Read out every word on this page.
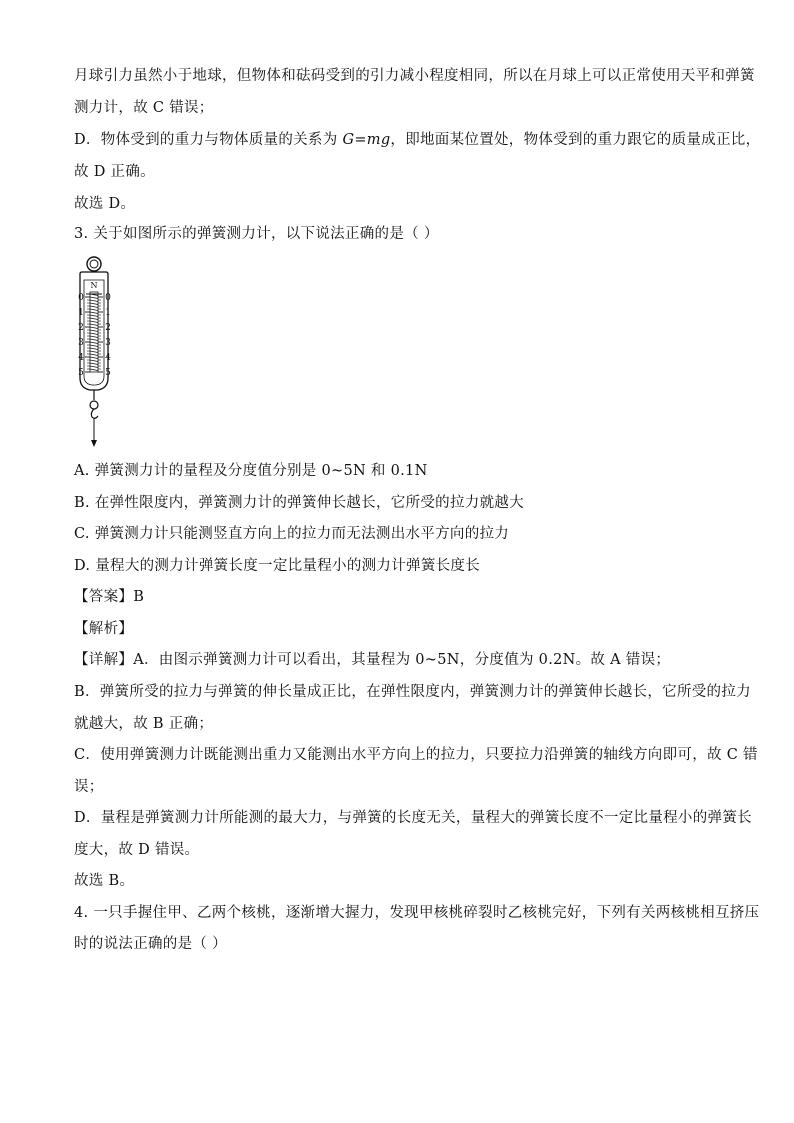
月球引力虽然小于地球，但物体和砝码受到的引力减小程度相同，所以在月球上可以正常使用天平和弹簧
测力计，故 C 错误；
D．物体受到的重力与物体质量的关系为 G=mg，即地面某位置处，物体受到的重力跟它的质量成正比，
故 D 正确。
故选 D。
3. 关于如图所示的弹簧测力计，以下说法正确的是（ ）
N
0
1
2
3
4
5
0
1
2
3
4
5
A. 弹簧测力计的量程及分度值分别是 0~5N 和 0.1N
B. 在弹性限度内，弹簧测力计的弹簧伸长越长，它所受的拉力就越大
C. 弹簧测力计只能测竖直方向上的拉力而无法测出水平方向的拉力
D. 量程大的测力计弹簧长度一定比量程小的测力计弹簧长度长
【答案】B
【解析】
【详解】A．由图示弹簧测力计可以看出，其量程为 0~5N，分度值为 0.2N。故 A 错误；
B．弹簧所受的拉力与弹簧的伸长量成正比，在弹性限度内，弹簧测力计的弹簧伸长越长，它所受的拉力
就越大，故 B 正确；
C．使用弹簧测力计既能测出重力又能测出水平方向上的拉力，只要拉力沿弹簧的轴线方向即可，故 C 错
误；
D．量程是弹簧测力计所能测的最大力，与弹簧的长度无关，量程大的弹簧长度不一定比量程小的弹簧长
度大，故 D 错误。
故选 B。
4. 一只手握住甲、乙两个核桃，逐渐增大握力，发现甲核桃碎裂时乙核桃完好，下列有关两核桃相互挤压
时的说法正确的是（ ）
